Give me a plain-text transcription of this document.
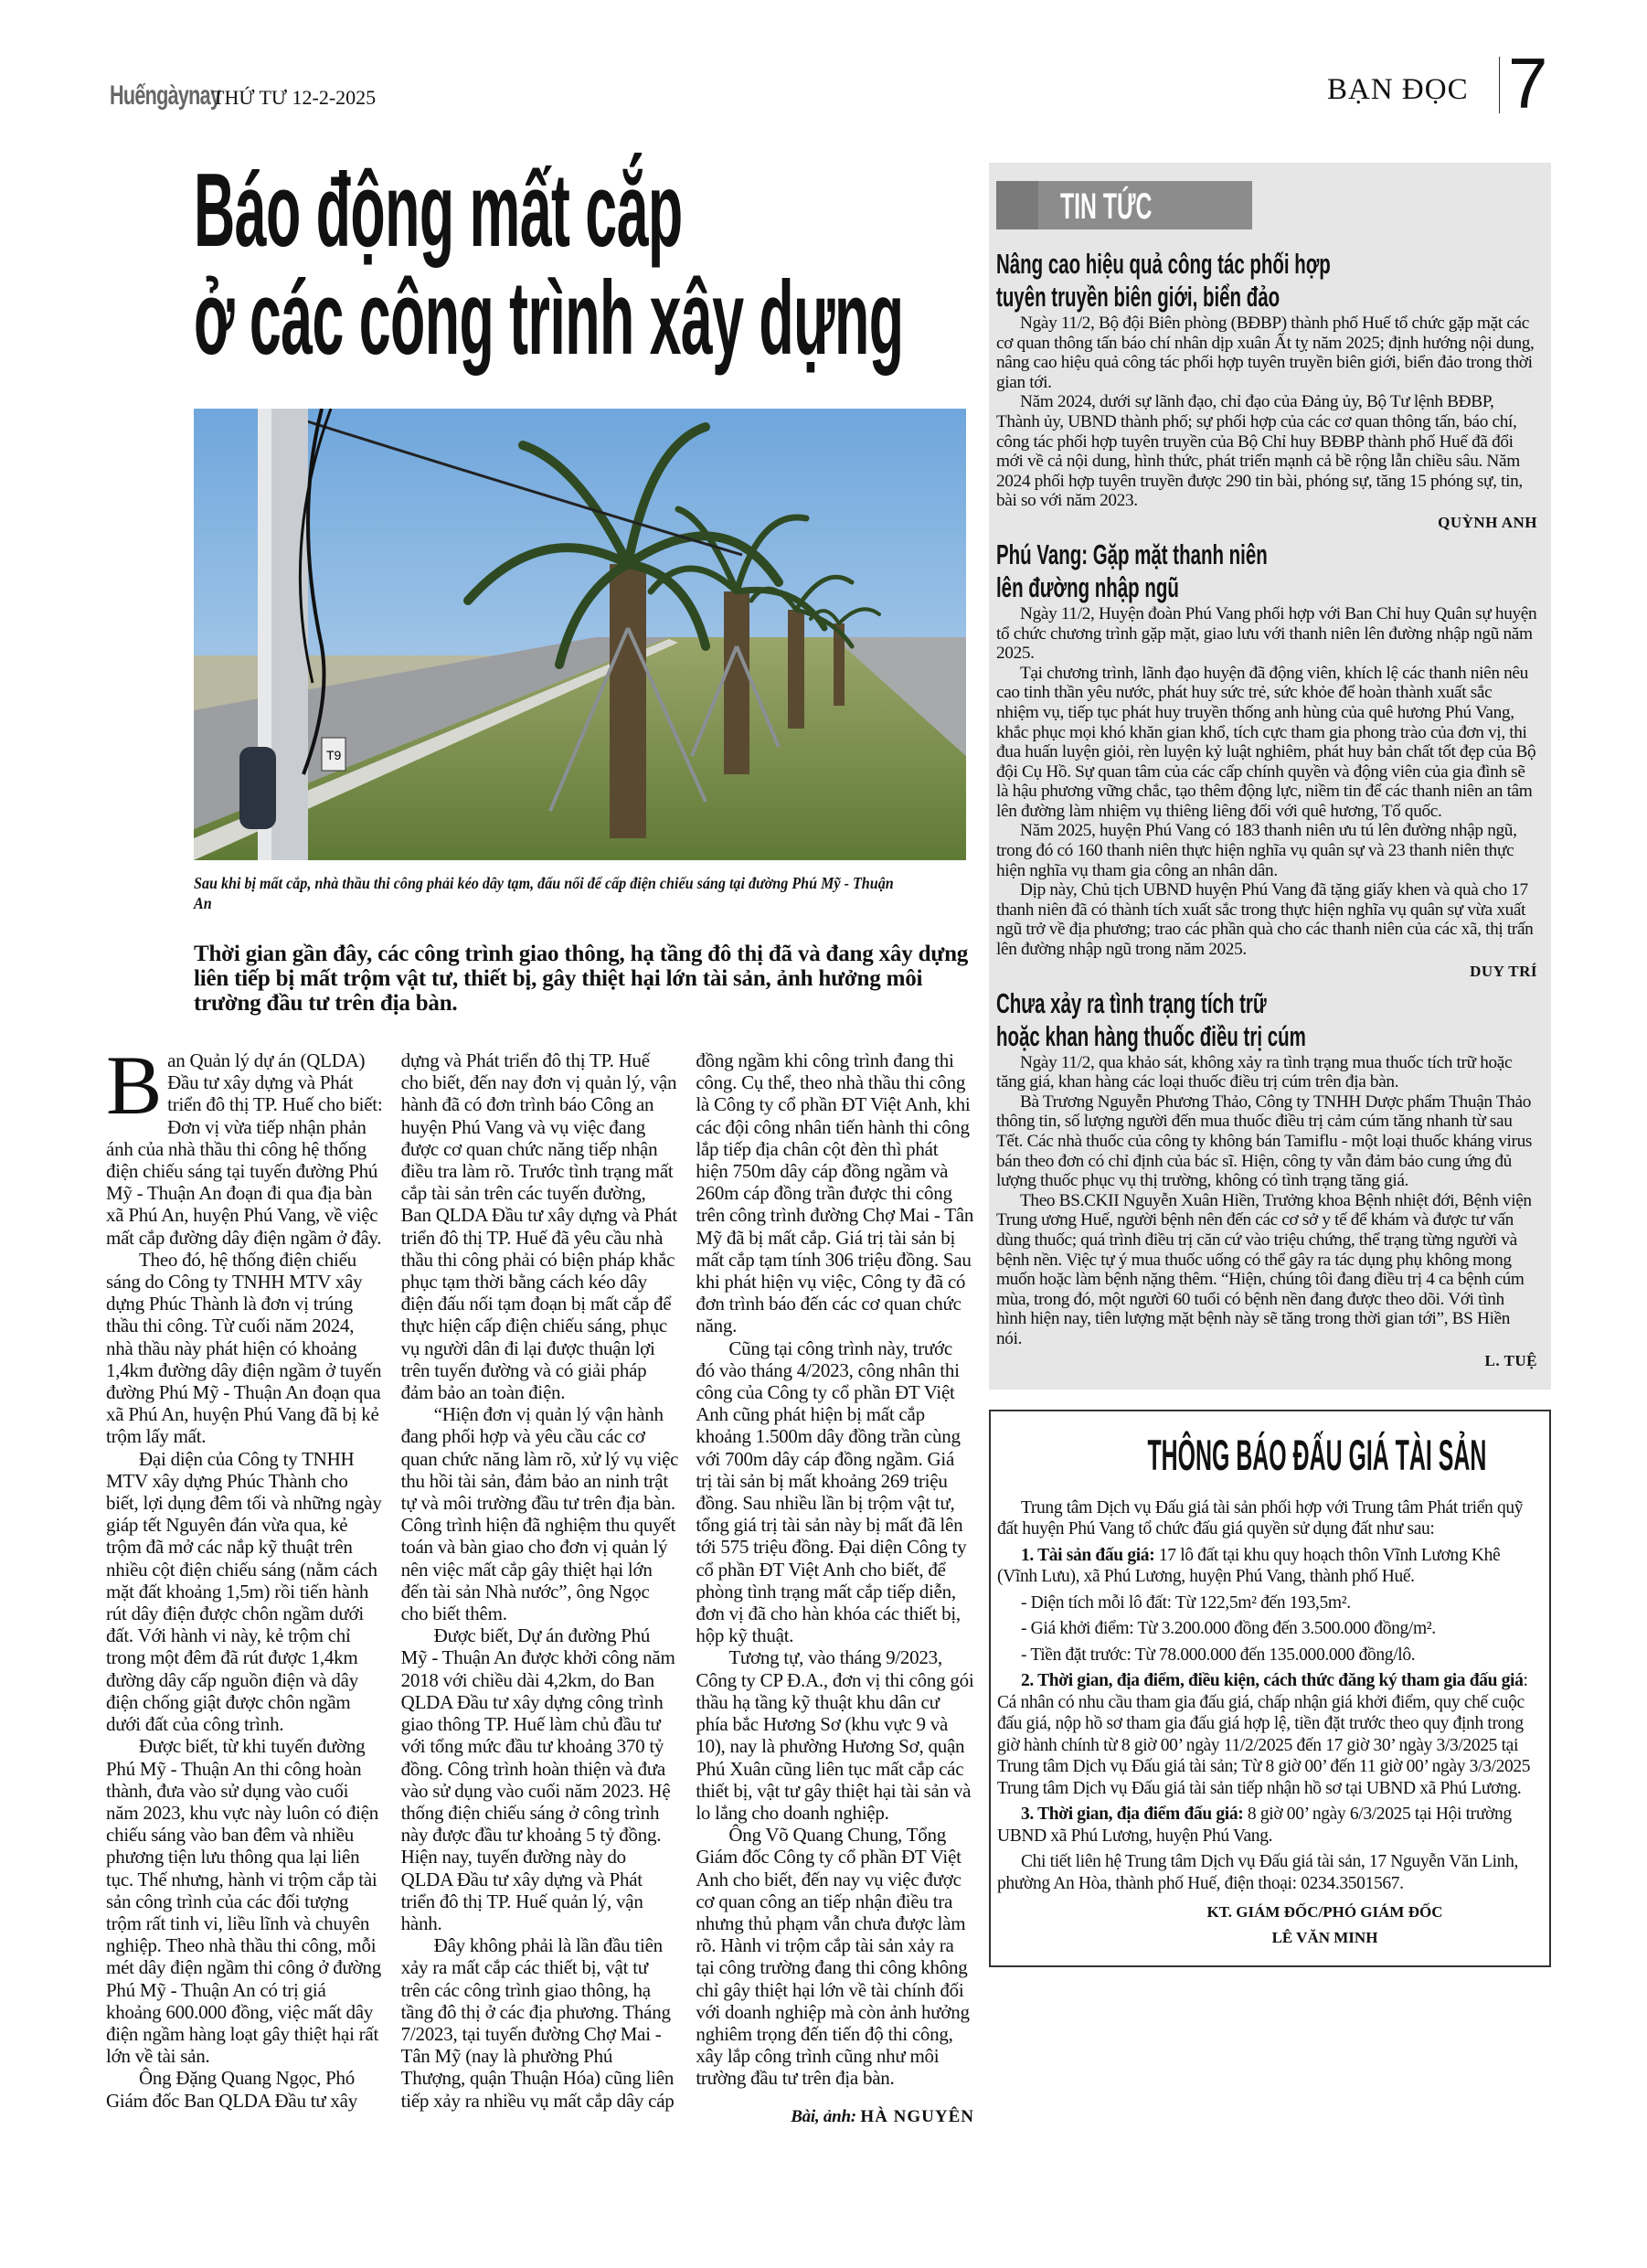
Huếngàynay
THỨ TƯ 12-2-2025	BẠN ĐỌC 7
Báo động mất cắp
ở các công trình xây dựng
T9
Sau khi bị mất cắp, nhà thầu thi công phải kéo dây tạm, đấu nối để cấp điện chiếu sáng tại đường Phú Mỹ - Thuận An
Thời gian gần đây, các công trình giao thông, hạ tầng đô thị đã và đang xây dựng liên tiếp bị mất trộm vật tư, thiết bị, gây thiệt hại lớn tài sản, ảnh hưởng môi trường đầu tư trên địa bàn.

Ban Quản lý dự án (QLDA) Đầu tư xây dựng và Phát triển đô thị TP. Huế cho biết: Đơn vị vừa tiếp nhận phản ánh của nhà thầu thi công hệ thống điện chiếu sáng tại tuyến đường Phú Mỹ - Thuận An đoạn đi qua địa bàn xã Phú An, huyện Phú Vang, về việc mất cắp đường dây điện ngầm ở đây.

Theo đó, hệ thống điện chiếu sáng do Công ty TNHH MTV xây dựng Phúc Thành là đơn vị trúng thầu thi công. Từ cuối năm 2024, nhà thầu này phát hiện có khoảng 1,4km đường dây điện ngầm ở tuyến đường Phú Mỹ - Thuận An đoạn qua xã Phú An, huyện Phú Vang đã bị kẻ trộm lấy mất.

Đại diện của Công ty TNHH MTV xây dựng Phúc Thành cho biết, lợi dụng đêm tối và những ngày giáp tết Nguyên đán vừa qua, kẻ trộm đã mở các nắp kỹ thuật trên nhiều cột điện chiếu sáng (nằm cách mặt đất khoảng 1,5m) rồi tiến hành rút dây điện được chôn ngầm dưới đất. Với hành vi này, kẻ trộm chỉ trong một đêm đã rút được 1,4km đường dây cấp nguồn điện và dây điện chống giật được chôn ngầm dưới đất của công trình.

Được biết, từ khi tuyến đường Phú Mỹ - Thuận An thi công hoàn thành, đưa vào sử dụng vào cuối năm 2023, khu vực này luôn có điện chiếu sáng vào ban đêm và nhiều phương tiện lưu thông qua lại liên tục. Thế nhưng, hành vi trộm cắp tài sản công trình của các đối tượng trộm rất tinh vi, liều lĩnh và chuyên nghiệp. Theo nhà thầu thi công, mỗi mét dây điện ngầm thi công ở đường Phú Mỹ - Thuận An có trị giá khoảng 600.000 đồng, việc mất dây điện ngầm hàng loạt gây thiệt hại rất lớn về tài sản.

Ông Đặng Quang Ngọc, Phó Giám đốc Ban QLDA Đầu tư xây dựng và Phát triển đô thị TP. Huế cho biết, đến nay đơn vị quản lý, vận hành đã có đơn trình báo Công an huyện Phú Vang và vụ việc đang được cơ quan chức năng tiếp nhận điều tra làm rõ. Trước tình trạng mất cắp tài sản trên các tuyến đường, Ban QLDA Đầu tư xây dựng và Phát triển đô thị TP. Huế đã yêu cầu nhà thầu thi công phải có biện pháp khắc phục tạm thời bằng cách kéo dây điện đấu nối tạm đoạn bị mất cắp để thực hiện cấp điện chiếu sáng, phục vụ người dân đi lại được thuận lợi trên tuyến đường và có giải pháp đảm bảo an toàn điện.

“Hiện đơn vị quản lý vận hành đang phối hợp và yêu cầu các cơ quan chức năng làm rõ, xử lý vụ việc thu hồi tài sản, đảm bảo an ninh trật tự và môi trường đầu tư trên địa bàn. Công trình hiện đã nghiệm thu quyết toán và bàn giao cho đơn vị quản lý nên việc mất cắp gây thiệt hại lớn đến tài sản Nhà nước”, ông Ngọc cho biết thêm.

Được biết, Dự án đường Phú Mỹ - Thuận An được khởi công năm 2018 với chiều dài 4,2km, do Ban QLDA Đầu tư xây dựng công trình giao thông TP. Huế làm chủ đầu tư với tổng mức đầu tư khoảng 370 tỷ đồng. Công trình hoàn thiện và đưa vào sử dụng vào cuối năm 2023. Hệ thống điện chiếu sáng ở công trình này được đầu tư khoảng 5 tỷ đồng. Hiện nay, tuyến đường này do QLDA Đầu tư xây dựng và Phát triển đô thị TP. Huế quản lý, vận hành.

Đây không phải là lần đầu tiên xảy ra mất cắp các thiết bị, vật tư trên các công trình giao thông, hạ tầng đô thị ở các địa phương. Tháng 7/2023, tại tuyến đường Chợ Mai - Tân Mỹ (nay là phường Phú Thượng, quận Thuận Hóa) cũng liên tiếp xảy ra nhiều vụ mất cắp dây cáp đồng ngầm khi công trình đang thi công. Cụ thể, theo nhà thầu thi công là Công ty cổ phần ĐT Việt Anh, khi các đội công nhân tiến hành thi công lắp tiếp địa chân cột đèn thì phát hiện 750m dây cáp đồng ngầm và 260m cáp đồng trần được thi công trên công trình đường Chợ Mai - Tân Mỹ đã bị mất cắp. Giá trị tài sản bị mất cắp tạm tính 306 triệu đồng. Sau khi phát hiện vụ việc, Công ty đã có đơn trình báo đến các cơ quan chức năng.

Cũng tại công trình này, trước đó vào tháng 4/2023, công nhân thi công của Công ty cổ phần ĐT Việt Anh cũng phát hiện bị mất cắp khoảng 1.500m dây đồng trần cùng với 700m dây cáp đồng ngầm. Giá trị tài sản bị mất khoảng 269 triệu đồng. Sau nhiều lần bị trộm vật tư, tổng giá trị tài sản này bị mất đã lên tới 575 triệu đồng. Đại diện Công ty cổ phần ĐT Việt Anh cho biết, để phòng tình trạng mất cắp tiếp diễn, đơn vị đã cho hàn khóa các thiết bị, hộp kỹ thuật.

Tương tự, vào tháng 9/2023, Công ty CP Đ.A., đơn vị thi công gói thầu hạ tầng kỹ thuật khu dân cư phía bắc Hương Sơ (khu vực 9 và 10), nay là phường Hương Sơ, quận Phú Xuân cũng liên tục mất cắp các thiết bị, vật tư gây thiệt hại tài sản và lo lắng cho doanh nghiệp.

Ông Võ Quang Chung, Tổng Giám đốc Công ty cổ phần ĐT Việt Anh cho biết, đến nay vụ việc được cơ quan công an tiếp nhận điều tra nhưng thủ phạm vẫn chưa được làm rõ. Hành vi trộm cắp tài sản xảy ra tại công trường đang thi công không chỉ gây thiệt hại lớn về tài chính đối với doanh nghiệp mà còn ảnh hưởng nghiêm trọng đến tiến độ thi công, xây lắp công trình cũng như môi trường đầu tư trên địa bàn.

Bài, ảnh: HÀ NGUYÊN
TIN TỨC
Nâng cao hiệu quả công tác phối hợp
tuyên truyền biên giới, biển đảo

Ngày 11/2, Bộ đội Biên phòng (BĐBP) thành phố Huế tổ chức gặp mặt các cơ quan thông tấn báo chí nhân dịp xuân Ất tỵ năm 2025; định hướng nội dung, nâng cao hiệu quả công tác phối hợp tuyên truyền biên giới, biển đảo trong thời gian tới.

Năm 2024, dưới sự lãnh đạo, chỉ đạo của Đảng ủy, Bộ Tư lệnh BĐBP, Thành ủy, UBND thành phố; sự phối hợp của các cơ quan thông tấn, báo chí, công tác phối hợp tuyên truyền của Bộ Chỉ huy BĐBP thành phố Huế đã đổi mới về cả nội dung, hình thức, phát triển mạnh cả bề rộng lẫn chiều sâu. Năm 2024 phối hợp tuyên truyền được 290 tin bài, phóng sự, tăng 15 phóng sự, tin, bài so với năm 2023.

QUỲNH ANH
Phú Vang: Gặp mặt thanh niên
lên đường nhập ngũ

Ngày 11/2, Huyện đoàn Phú Vang phối hợp với Ban Chỉ huy Quân sự huyện tổ chức chương trình gặp mặt, giao lưu với thanh niên lên đường nhập ngũ năm 2025.

Tại chương trình, lãnh đạo huyện đã động viên, khích lệ các thanh niên nêu cao tinh thần yêu nước, phát huy sức trẻ, sức khỏe để hoàn thành xuất sắc nhiệm vụ, tiếp tục phát huy truyền thống anh hùng của quê hương Phú Vang, khắc phục mọi khó khăn gian khổ, tích cực tham gia phong trào của đơn vị, thi đua huấn luyện giỏi, rèn luyện kỷ luật nghiêm, phát huy bản chất tốt đẹp của Bộ đội Cụ Hồ. Sự quan tâm của các cấp chính quyền và động viên của gia đình sẽ là hậu phương vững chắc, tạo thêm động lực, niềm tin để các thanh niên an tâm lên đường làm nhiệm vụ thiêng liêng đối với quê hương, Tổ quốc.

Năm 2025, huyện Phú Vang có 183 thanh niên ưu tú lên đường nhập ngũ, trong đó có 160 thanh niên thực hiện nghĩa vụ quân sự và 23 thanh niên thực hiện nghĩa vụ tham gia công an nhân dân.

Dịp này, Chủ tịch UBND huyện Phú Vang đã tặng giấy khen và quà cho 17 thanh niên đã có thành tích xuất sắc trong thực hiện nghĩa vụ quân sự vừa xuất ngũ trở về địa phương; trao các phần quà cho các thanh niên của các xã, thị trấn lên đường nhập ngũ trong năm 2025.

DUY TRÍ
Chưa xảy ra tình trạng tích trữ
hoặc khan hàng thuốc điều trị cúm

Ngày 11/2, qua khảo sát, không xảy ra tình trạng mua thuốc tích trữ hoặc tăng giá, khan hàng các loại thuốc điều trị cúm trên địa bàn.

Bà Trương Nguyễn Phương Thảo, Công ty TNHH Dược phẩm Thuận Thảo thông tin, số lượng người đến mua thuốc điều trị cảm cúm tăng nhanh từ sau Tết. Các nhà thuốc của công ty không bán Tamiflu - một loại thuốc kháng virus bán theo đơn có chỉ định của bác sĩ. Hiện, công ty vẫn đảm bảo cung ứng đủ lượng thuốc phục vụ thị trường, không có tình trạng tăng giá.

Theo BS.CKII Nguyễn Xuân Hiền, Trưởng khoa Bệnh nhiệt đới, Bệnh viện Trung ương Huế, người bệnh nên đến các cơ sở y tế để khám và được tư vấn dùng thuốc; quá trình điều trị căn cứ vào triệu chứng, thể trạng từng người và bệnh nền. Việc tự ý mua thuốc uống có thể gây ra tác dụng phụ không mong muốn hoặc làm bệnh nặng thêm. “Hiện, chúng tôi đang điều trị 4 ca bệnh cúm mùa, trong đó, một người 60 tuổi có bệnh nền đang được theo dõi. Với tình hình hiện nay, tiên lượng mặt bệnh này sẽ tăng trong thời gian tới”, BS Hiền nói.

L. TUỆ
THÔNG BÁO ĐẤU GIÁ TÀI SẢN

Trung tâm Dịch vụ Đấu giá tài sản phối hợp với Trung tâm Phát triển quỹ đất huyện Phú Vang tổ chức đấu giá quyền sử dụng đất như sau:

1. Tài sản đấu giá: 17 lô đất tại khu quy hoạch thôn Vĩnh Lương Khê (Vĩnh Lưu), xã Phú Lương, huyện Phú Vang, thành phố Huế.

- Diện tích mỗi lô đất: Từ 122,5m² đến 193,5m².

- Giá khởi điểm: Từ 3.200.000 đồng đến 3.500.000 đồng/m².

- Tiền đặt trước: Từ 78.000.000 đến 135.000.000 đồng/lô.

2. Thời gian, địa điểm, điều kiện, cách thức đăng ký tham gia đấu giá: Cá nhân có nhu cầu tham gia đấu giá, chấp nhận giá khởi điểm, quy chế cuộc đấu giá, nộp hồ sơ tham gia đấu giá hợp lệ, tiền đặt trước theo quy định trong giờ hành chính từ 8 giờ 00’ ngày 11/2/2025 đến 17 giờ 30’ ngày 3/3/2025 tại Trung tâm Dịch vụ Đấu giá tài sản; Từ 8 giờ 00’ đến 11 giờ 00’ ngày 3/3/2025 Trung tâm Dịch vụ Đấu giá tài sản tiếp nhận hồ sơ tại UBND xã Phú Lương.

3. Thời gian, địa điểm đấu giá: 8 giờ 00’ ngày 6/3/2025 tại Hội trường UBND xã Phú Lương, huyện Phú Vang.

Chi tiết liên hệ Trung tâm Dịch vụ Đấu giá tài sản, 17 Nguyễn Văn Linh, phường An Hòa, thành phố Huế, điện thoại: 0234.3501567.

KT. GIÁM ĐỐC/PHÓ GIÁM ĐỐC
LÊ VĂN MINH
